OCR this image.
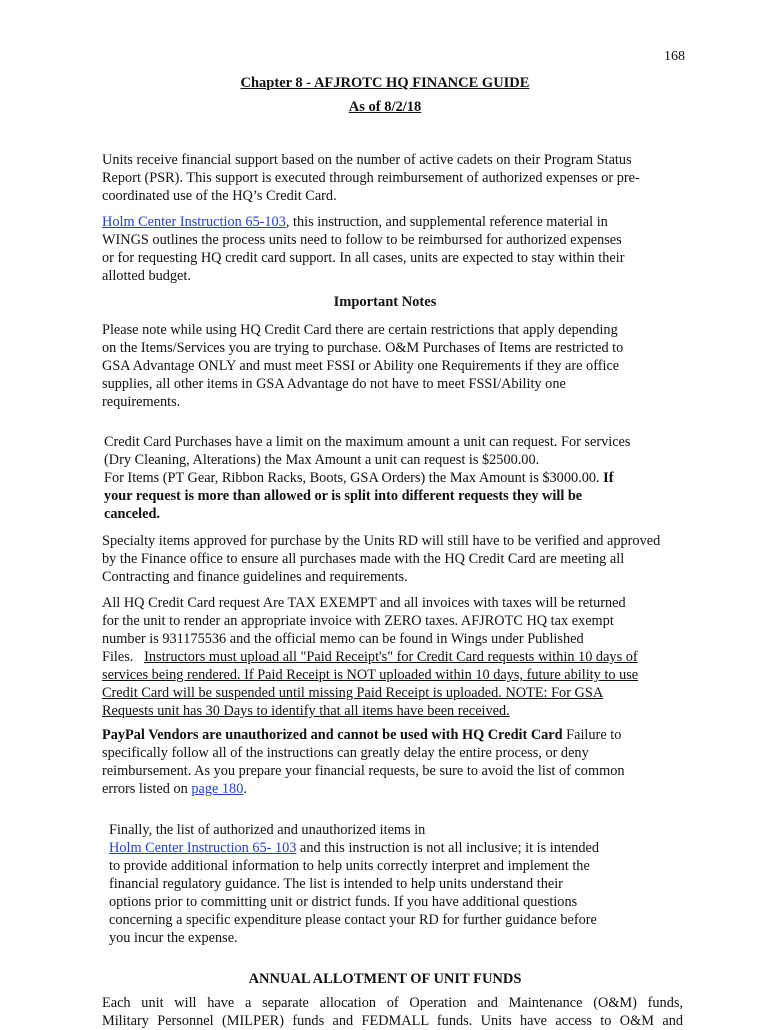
168
Chapter 8 - AFJROTC HQ FINANCE GUIDE
As of 8/2/18
Units receive financial support based on the number of active cadets on their Program Status
Report (PSR). This support is executed through reimbursement of authorized expenses or pre-
coordinated use of the HQ’s Credit Card.
Holm Center Instruction 65-103, this instruction, and supplemental reference material in
WINGS outlines the process units need to follow to be reimbursed for authorized expenses
or for requesting HQ credit card support. In all cases, units are expected to stay within their
allotted budget.
Important Notes
Please note while using HQ Credit Card there are certain restrictions that apply depending
on the Items/Services you are trying to purchase. O&M Purchases of Items are restricted to
GSA Advantage ONLY and must meet FSSI or Ability one Requirements if they are office
supplies, all other items in GSA Advantage do not have to meet FSSI/Ability one
requirements.
Credit Card Purchases have a limit on the maximum amount a unit can request. For services
(Dry Cleaning, Alterations) the Max Amount a unit can request is $2500.00.
For Items (PT Gear, Ribbon Racks, Boots, GSA Orders) the Max Amount is $3000.00. If
your request is more than allowed or is split into different requests they will be
canceled.
Specialty items approved for purchase by the Units RD will still have to be verified and approved
by the Finance office to ensure all purchases made with the HQ Credit Card are meeting all
Contracting and finance guidelines and requirements.
All HQ Credit Card request Are TAX EXEMPT and all invoices with taxes will be returned
for the unit to render an appropriate invoice with ZERO taxes. AFJROTC HQ tax exempt
number is 931175536 and the official memo can be found in Wings under Published
Files.   Instructors must upload all "Paid Receipt's" for Credit Card requests within 10 days of
services being rendered. If Paid Receipt is NOT uploaded within 10 days, future ability to use
Credit Card will be suspended until missing Paid Receipt is uploaded. NOTE: For GSA
Requests unit has 30 Days to identify that all items have been received.
PayPal Vendors are unauthorized and cannot be used with HQ Credit Card Failure to
specifically follow all of the instructions can greatly delay the entire process, or deny
reimbursement. As you prepare your financial requests, be sure to avoid the list of common
errors listed on page 180.
Finally, the list of authorized and unauthorized items in
Holm Center Instruction 65- 103 and this instruction is not all inclusive; it is intended
to provide additional information to help units correctly interpret and implement the
financial regulatory guidance. The list is intended to help units understand their
options prior to committing unit or district funds. If you have additional questions
concerning a specific expenditure please contact your RD for further guidance before
you incur the expense.
ANNUAL ALLOTMENT OF UNIT FUNDS
Each unit will have a separate allocation of Operation and Maintenance (O&M) funds,
Military Personnel (MILPER) funds and FEDMALL funds. Units have access to O&M and
